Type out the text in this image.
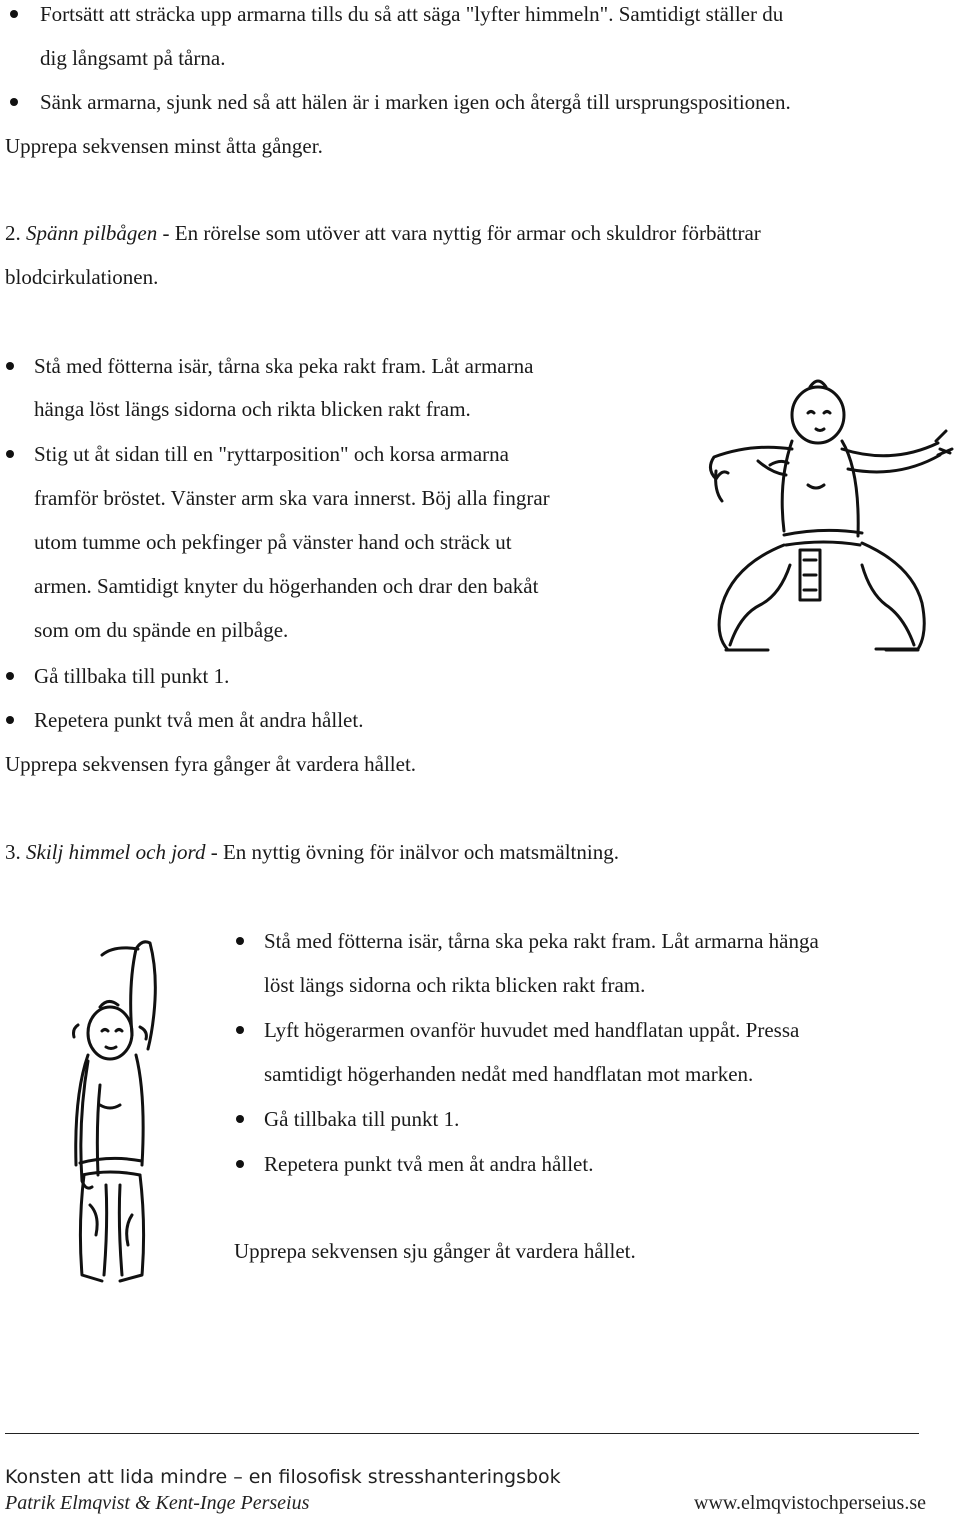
Fortsätt att sträcka upp armarna tills du så att säga "lyfter himmeln". Samtidigt ställer du
dig långsamt på tårna.
Sänk armarna, sjunk ned så att hälen är i marken igen och återgå till ursprungspositionen.
Upprepa sekvensen minst åtta gånger.
2. Spänn pilbågen - En rörelse som utöver att vara nyttig för armar och skuldror förbättrar
blodcirkulationen.
Stå med fötterna isär, tårna ska peka rakt fram. Låt armarna
hänga löst längs sidorna och rikta blicken rakt fram.
Stig ut åt sidan till en "ryttarposition" och korsa armarna
framför bröstet. Vänster arm ska vara innerst. Böj alla fingrar
utom tumme och pekfinger på vänster hand och sträck ut
armen. Samtidigt knyter du högerhanden och drar den bakåt
som om du spände en pilbåge.
Gå tillbaka till punkt 1.
Repetera punkt två men åt andra hållet.
Upprepa sekvensen fyra gånger åt vardera hållet.
3. Skilj himmel och jord - En nyttig övning för inälvor och matsmältning.
Stå med fötterna isär, tårna ska peka rakt fram. Låt armarna hänga
löst längs sidorna och rikta blicken rakt fram.
Lyft högerarmen ovanför huvudet med handflatan uppåt. Pressa
samtidigt högerhanden nedåt med handflatan mot marken.
Gå tillbaka till punkt 1.
Repetera punkt två men åt andra hållet.
Upprepa sekvensen sju gånger åt vardera hållet.
Konsten att lida mindre – en filosofisk stresshanteringsbok
Patrik Elmqvist & Kent-Inge Perseius	www.elmqvistochperseius.se
